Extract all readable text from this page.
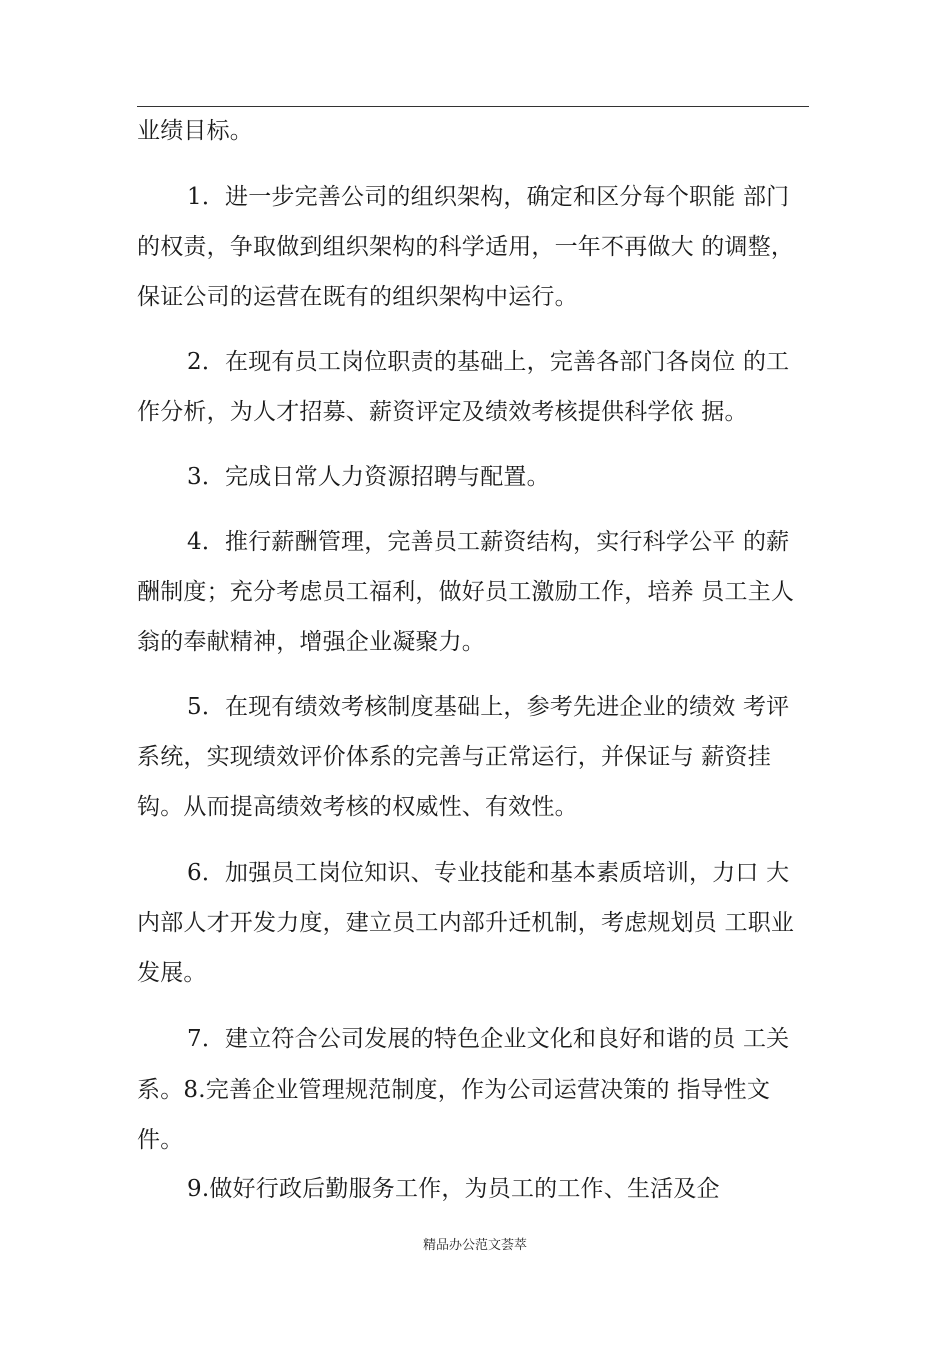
业绩目标。
1．进一步完善公司的组织架构，确定和区分每个职能 部门
的权责，争取做到组织架构的科学适用，一年不再做大 的调整，
保证公司的运营在既有的组织架构中运行。
2．在现有员工岗位职责的基础上，完善各部门各岗位 的工
作分析，为人才招募、薪资评定及绩效考核提供科学依 据。
3．完成日常人力资源招聘与配置。
4．推行薪酬管理，完善员工薪资结构，实行科学公平 的薪
酬制度；充分考虑员工福利，做好员工激励工作，培养 员工主人
翁的奉献精神，增强企业凝聚力。
5．在现有绩效考核制度基础上，参考先进企业的绩效 考评
系统，实现绩效评价体系的完善与正常运行，并保证与 薪资挂
钩。从而提高绩效考核的权威性、有效性。
6．加强员工岗位知识、专业技能和基本素质培训，力口 大
内部人才开发力度，建立员工内部升迁机制，考虑规划员 工职业
发展。
7．建立符合公司发展的特色企业文化和良好和谐的员 工关
系。8.完善企业管理规范制度，作为公司运营决策的 指导性文
件。
9.做好行政后勤服务工作，为员工的工作、生活及企
精品办公范文荟萃
